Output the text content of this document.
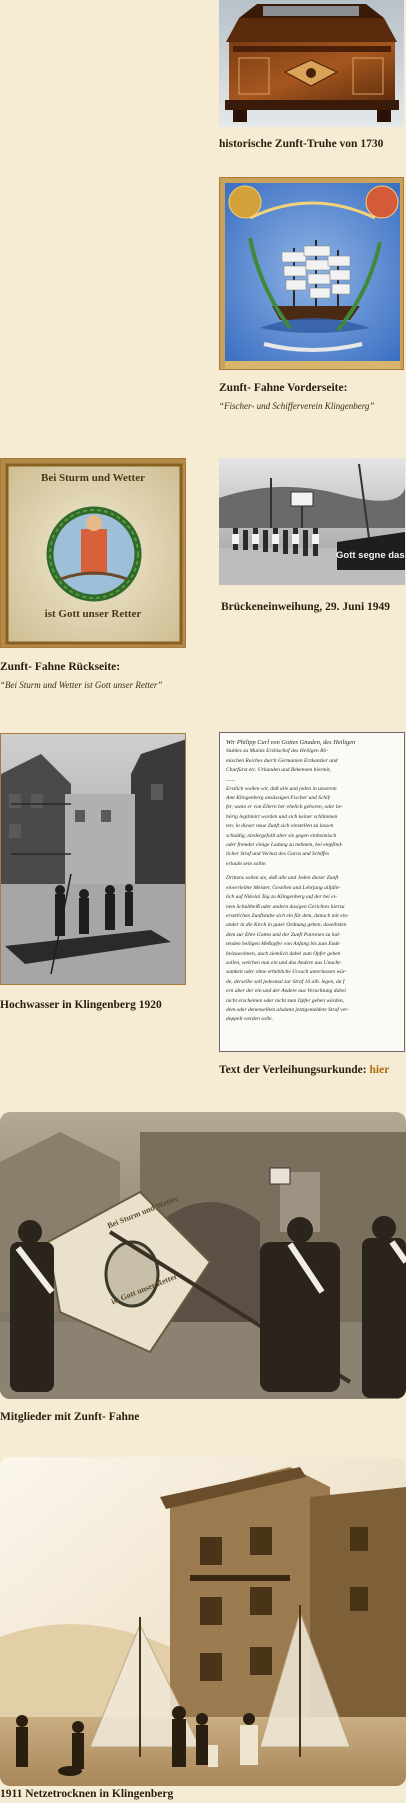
historische Zunft-Truhe von 1730
Zunft- Fahne Vorderseite:
“Fischer- und Schifferverein Klingenberg”
Bei Sturm und Wetter
ist Gott unser Retter
Zunft- Fahne Rückseite:
“Bei Sturm und Wetter ist Gott unser Retter”
Gott segne das
Brückeneinweihung, 29. Juni 1949
Hochwasser in Klingenberg 1920
Wir Philipp Carl von Gottes Gnaden, des Heiligen
Stuhles zu Maintz Erzbischof des Heiligen Rö-
mischen Reiches durch Germanien Erzkanzler und
Churfürst etc. Urkunden und Bekennen hiermit,
......
Erstlich wollen wir, daß alle und jeden in unserem
Amt Klingenberg ansässigen Fischer und Schif-
fer, wann er von Eltern her ehelich geboren, oder be-
hörig legitimirt worden und sich keiner schlimmen
ten, in dieser neue Zunft sich einstellen zu lassen
schuldig, niedergefallt aber sie gegen einheimisch
oder fremder einige Ladung zu nehmen, bei empfind-
licher Straf und Verlust des Garns und Schiffes
erlaubt sein sollte.
Drittens sollen sie, daß alle und Jeden dieser Zunft
einverleibte Meister, Gesellen und Lehrjung alljähr-
lich auf Nikolai Tag zu Klingenberg auf der bei ei-
nem Schultheiß oder andern dasigen Gerichtes hierzu
ersetlichen Zunftstube sich ein für dem, danach mit ein-
ander in die Kirch in guter Ordnung gehen, daselbsten
dem zur Ehre Gottes und der Zunft Patronen zu hal-
tenden heiligen Meßopfer von Anfang bis zum Ende
beizuwohnen, auch ziemlich dabei zum Opfer gehen
sollen, welchen nun ein und das Andere aus Unacht-
samkeit oder ohne erhebliche Ursach unterlassen wür-
de, derselbe soll jedesmal zur Straf 10 alb. legen, da f
ern aber der ein und der Andere aus Verachtung dabei
nicht erscheinen oder nicht zum Opfer gehen würden,
dem oder denenselben alsdann jetztgemeldete Straf ver-
doppelt werden solle.
Text der Verleihungsurkunde: hier
Bei Sturm und Wetter
ist Gott unser Retter
Mitglieder mit Zunft- Fahne
1911 Netzetrocknen in Klingenberg
